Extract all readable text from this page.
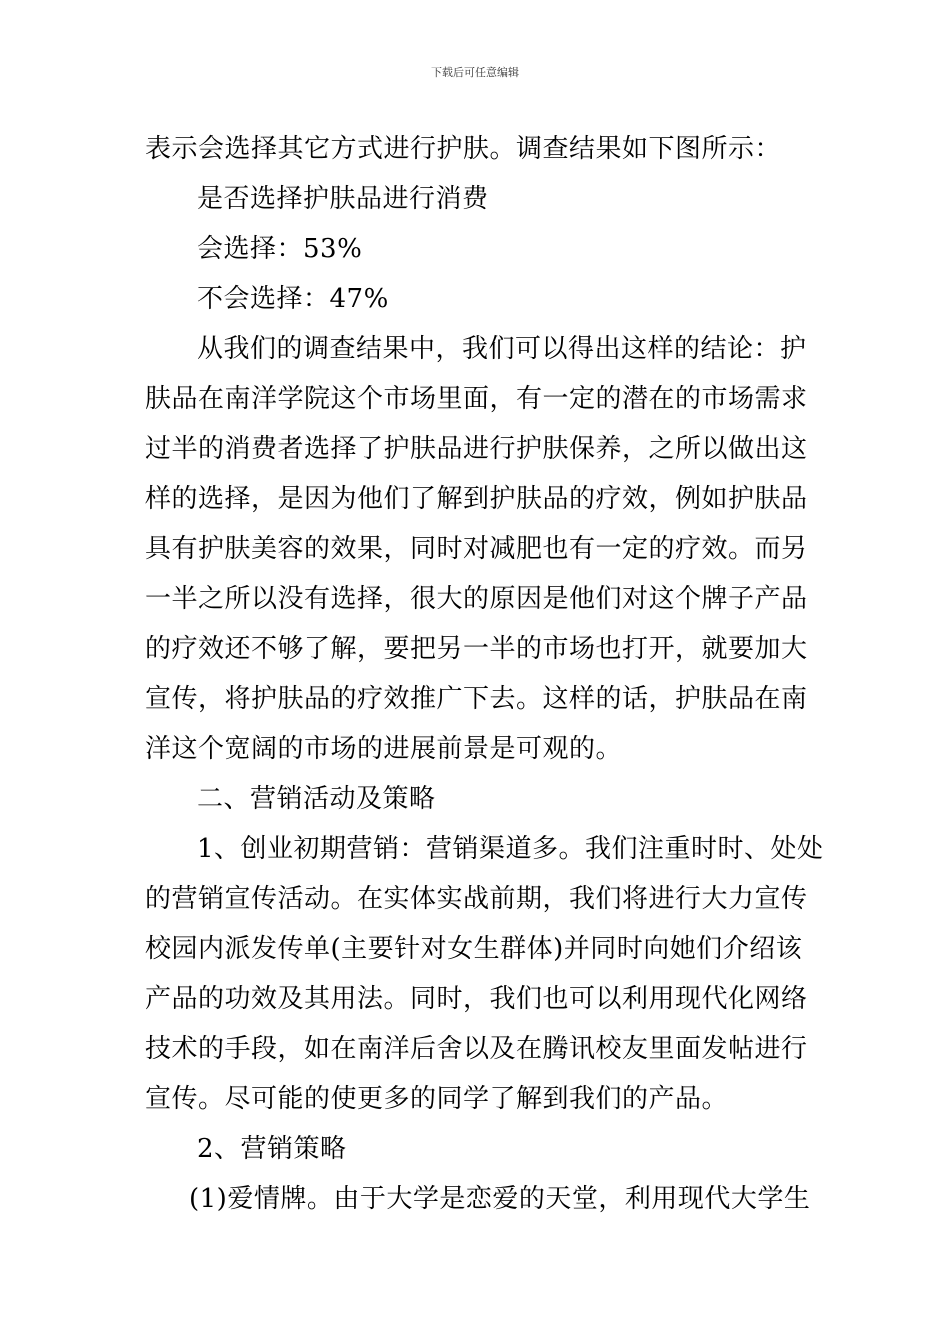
下载后可任意编辑
表示会选择其它方式进行护肤。调查结果如下图所示：
是否选择护肤品进行消费
会选择：53%
不会选择：47%
从我们的调查结果中，我们可以得出这样的结论：护
肤品在南洋学院这个市场里面，有一定的潜在的市场需求
过半的消费者选择了护肤品进行护肤保养，之所以做出这
样的选择，是因为他们了解到护肤品的疗效，例如护肤品
具有护肤美容的效果，同时对减肥也有一定的疗效。而另
一半之所以没有选择，很大的原因是他们对这个牌子产品
的疗效还不够了解，要把另一半的市场也打开，就要加大
宣传，将护肤品的疗效推广下去。这样的话，护肤品在南
洋这个宽阔的市场的进展前景是可观的。
二、营销活动及策略
1、创业初期营销：营销渠道多。我们注重时时、处处
的营销宣传活动。在实体实战前期，我们将进行大力宣传
校园内派发传单(主要针对女生群体)并同时向她们介绍该
产品的功效及其用法。同时，我们也可以利用现代化网络
技术的手段，如在南洋后舍以及在腾讯校友里面发帖进行
宣传。尽可能的使更多的同学了解到我们的产品。
2、营销策略
(1)爱情牌。由于大学是恋爱的天堂，利用现代大学生
